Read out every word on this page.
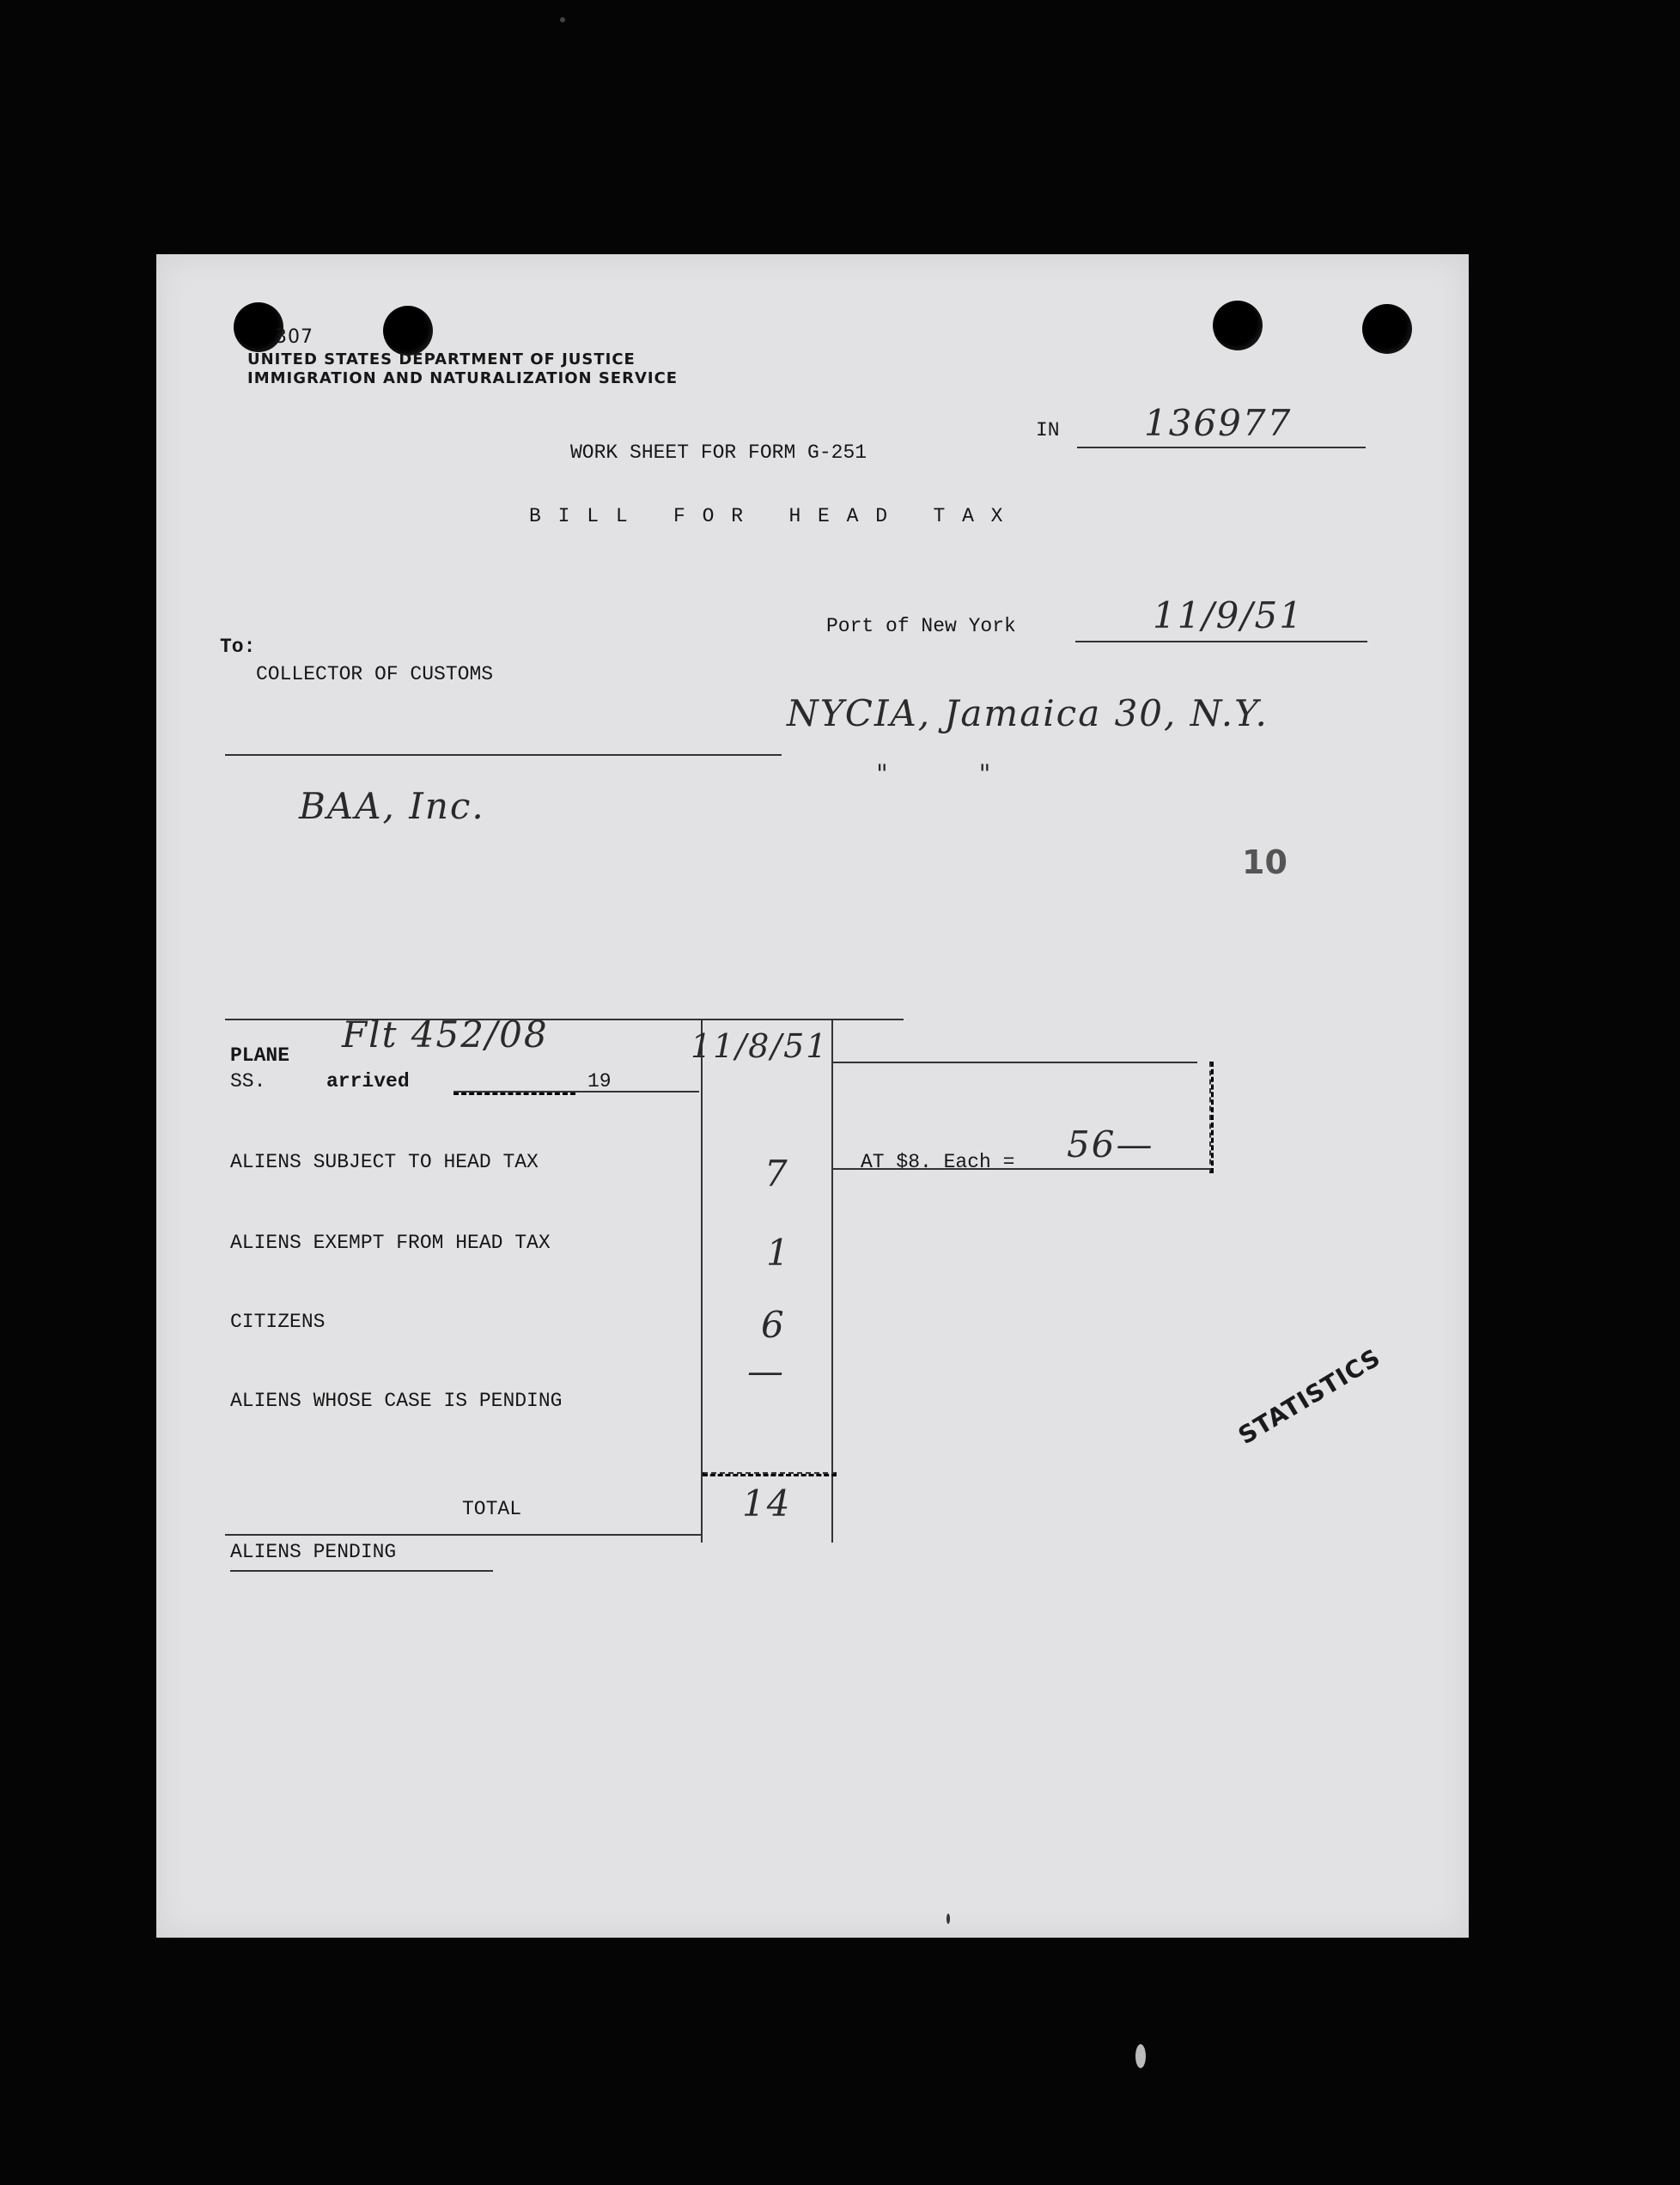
307
UNITED STATES DEPARTMENT OF JUSTICE
IMMIGRATION AND NATURALIZATION SERVICE
IN 136977
WORK SHEET FOR FORM G-251
B I L L   F O R   H E A D   T A X
Port of New York	11/9/51
To:
COLLECTOR OF CUSTOMS
NYCIA, Jamaica 30, N.Y.
"         "
BAA, Inc.
10
PLANE Flt 452/08	11/8/51
SS.	arrived	19
ALIENS SUBJECT TO HEAD TAX	7	AT $8. Each = 56—
ALIENS EXEMPT FROM HEAD TAX	1
CITIZENS	6
ALIENS WHOSE CASE IS PENDING
—
TOTAL	14
ALIENS PENDING
STATISTICS
